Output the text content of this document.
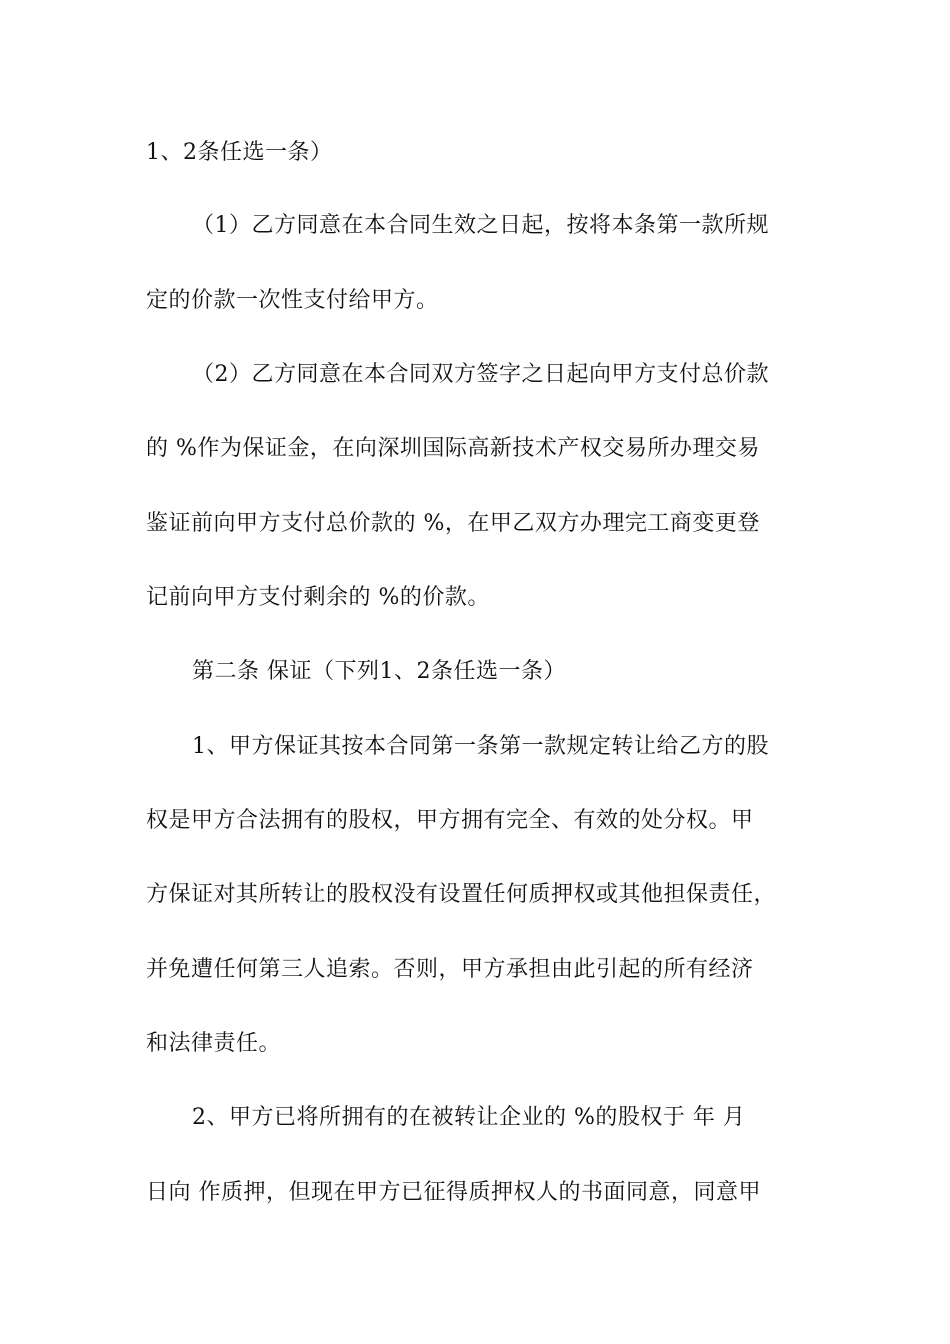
1、2条任选一条）
（1）乙方同意在本合同生效之日起，按将本条第一款所规
定的价款一次性支付给甲方。
（2）乙方同意在本合同双方签字之日起向甲方支付总价款
的 %作为保证金，在向深圳国际高新技术产权交易所办理交易
鉴证前向甲方支付总价款的 %，在甲乙双方办理完工商变更登
记前向甲方支付剩余的 %的价款。
第二条 保证（下列1、2条任选一条）
1、甲方保证其按本合同第一条第一款规定转让给乙方的股
权是甲方合法拥有的股权，甲方拥有完全、有效的处分权。甲
方保证对其所转让的股权没有设置任何质押权或其他担保责任，
并免遭任何第三人追索。否则，甲方承担由此引起的所有经济
和法律责任。
2、甲方已将所拥有的在被转让企业的 %的股权于 年 月
日向 作质押，但现在甲方已征得质押权人的书面同意，同意甲
